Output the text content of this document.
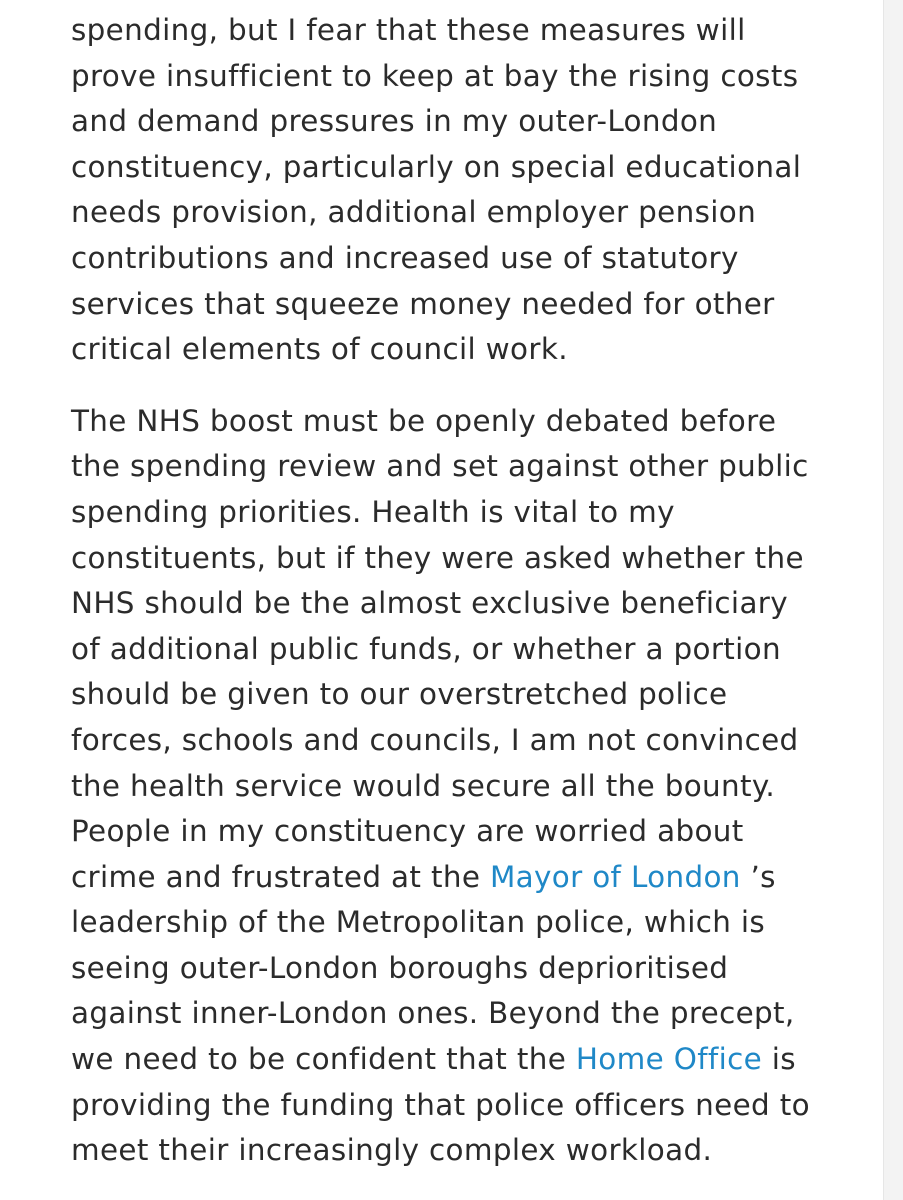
spending, but I fear that these measures will
prove insufficient to keep at bay the rising costs
and demand pressures in my outer-London
constituency, particularly on special educational
needs provision, additional employer pension
contributions and increased use of statutory
services that squeeze money needed for other
critical elements of council work.

The NHS boost must be openly debated before
the spending review and set against other public
spending priorities. Health is vital to my
constituents, but if they were asked whether the
NHS should be the almost exclusive beneficiary
of additional public funds, or whether a portion
should be given to our overstretched police
forces, schools and councils, I am not convinced
the health service would secure all the bounty.
People in my constituency are worried about
crime and frustrated at the Mayor of London ’s
leadership of the Metropolitan police, which is
seeing outer-London boroughs deprioritised
against inner-London ones. Beyond the precept,
we need to be confident that the Home Office is
providing the funding that police officers need to
meet their increasingly complex workload.
